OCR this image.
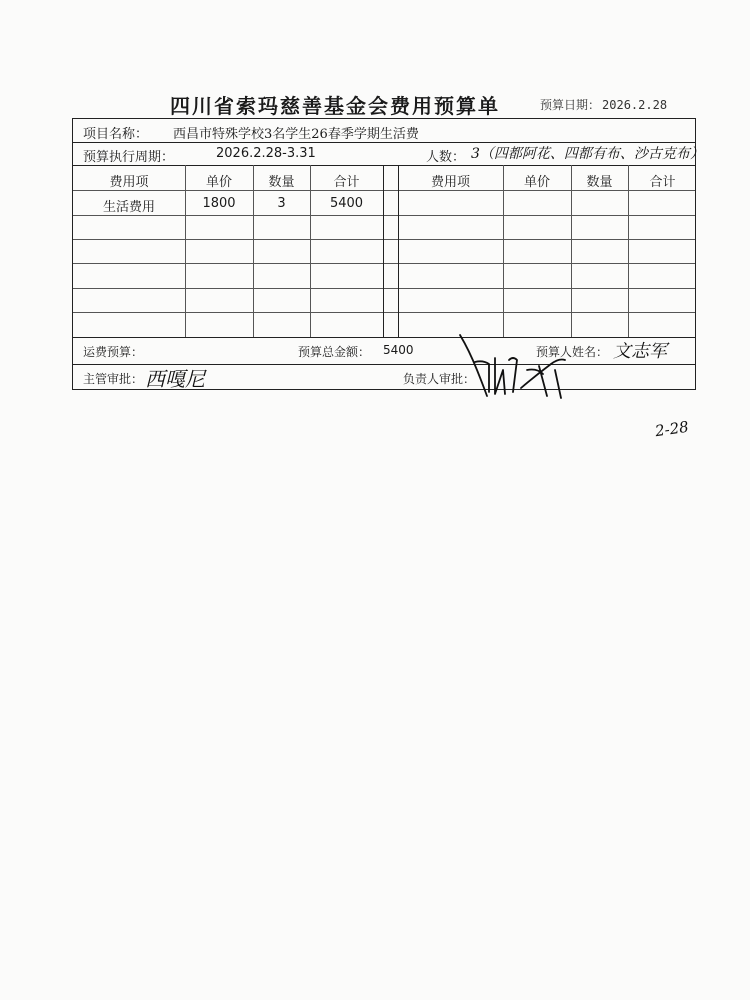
四川省索玛慈善基金会费用预算单	预算日期： 2026.2.28
项目名称： 西昌市特殊学校3名学生26春季学期生活费
预算执行周期：	2026.2.28-3.31	人数： 3（四都阿花、四都有布、沙古克布）
费用项	单价	数量	合计	费用项	单价	数量	合计
生活费用	1800	3	5400
运费预算：	预算总金额： 5400	预算人姓名： 文志军
主管审批： 西嘎尼	负责人审批：
2-28
